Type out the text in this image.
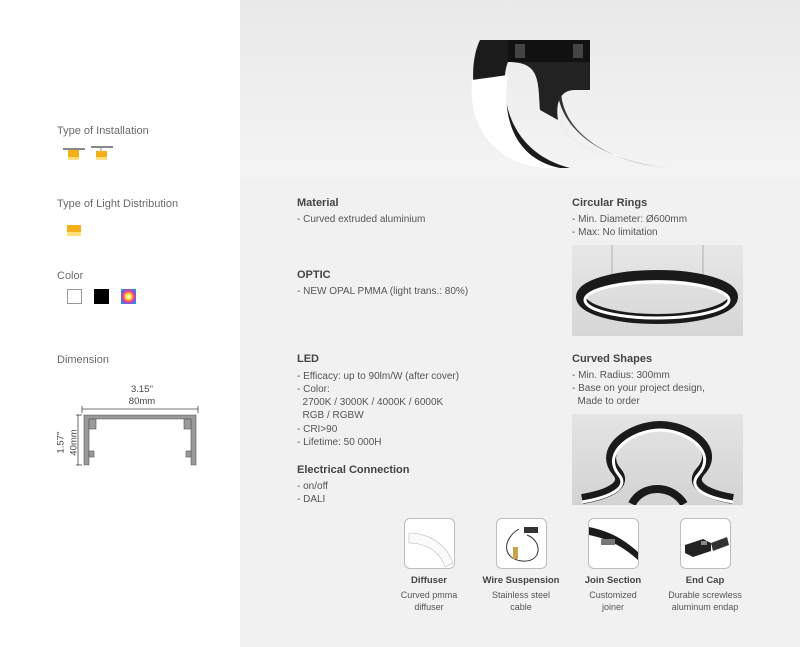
Type of Installation
Type of Light Distribution
Color
Dimension
3.15''
80mm
1.57'' 40mm
Material
- Curved extruded aluminium
OPTIC
- NEW OPAL PMMA (light trans.: 80%)
LED
- Efficacy: up to 90lm/W (after cover)
- Color:
2700K / 3000K / 4000K / 6000K
RGB / RGBW
- CRI>90
- Lifetime: 50 000H
Electrical Connection
- on/off
- DALI
Circular Rings
- Min. Diameter: Ø600mm
- Max: No limitation
Curved Shapes
- Min. Radius: 300mm
- Base on your project design,
Made to order
Diffuser
Curved pmma
diffuser
Wire Suspension
Stainless steel
cable
Join Section
Customized
joiner
End Cap
Durable screwless
aluminum endap
